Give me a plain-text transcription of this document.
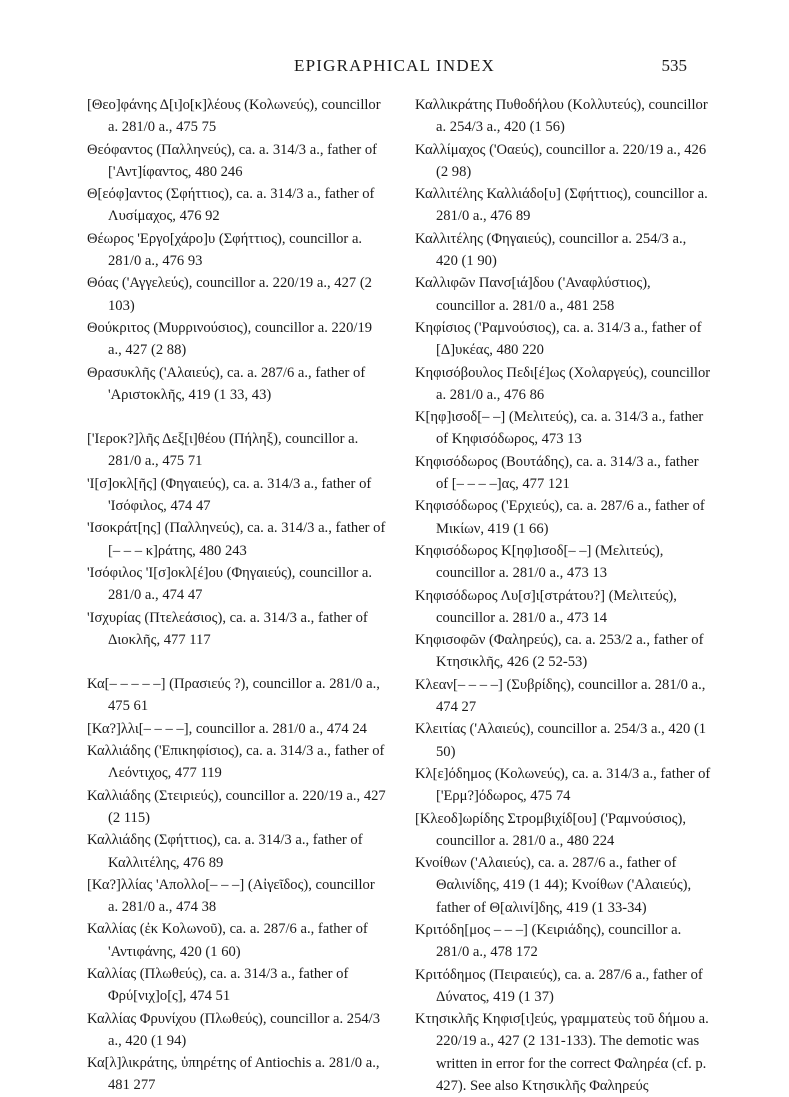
EPIGRAPHICAL INDEX	535

[Θεο]φάνης Δ[ι]ο[κ]λέους (Κολωνεύς), councillor a. 281/0 a., 475 75

Θεόφαντος (Παλληνεύς), ca. a. 314/3 a., father of ['Αντ]ίφαντος, 480 246

Θ[εόφ]αντος (Σφήττιος), ca. a. 314/3 a., father of Λυσίμαχος, 476 92

Θέωρος 'Εργο[χάρο]υ (Σφήττιος), councillor a. 281/0 a., 476 93

Θόας ('Αγγελεύς), councillor a. 220/19 a., 427 (2 103)

Θούκριτος (Μυρρινούσιος), councillor a. 220/19 a., 427 (2 88)

Θρασυκλῆς ('Αλαιεύς), ca. a. 287/6 a., father of 'Αριστοκλῆς, 419 (1 33, 43)

['Ιεροκ?]λῆς Δεξ[ι]θέου (Πήληξ), councillor a. 281/0 a., 475 71

'Ι[σ]οκλ[ῆς] (Φηγαιεύς), ca. a. 314/3 a., father of 'Ισόφιλος, 474 47

'Ισοκράτ[ης] (Παλληνεύς), ca. a. 314/3 a., father of [– – – κ]ράτης, 480 243

'Ισόφιλος 'Ι[σ]οκλ[έ]ου (Φηγαιεύς), councillor a. 281/0 a., 474 47

'Ισχυρίας (Πτελεάσιος), ca. a. 314/3 a., father of Διοκλῆς, 477 117

Κα[– – – – –] (Πρασιεύς ?), councillor a. 281/0 a., 475 61

[Κα?]λλι[– – – –], councillor a. 281/0 a., 474 24

Καλλιάδης ('Επικηφίσιος), ca. a. 314/3 a., father of Λεόντιχος, 477 119

Καλλιάδης (Στειριεύς), councillor a. 220/19 a., 427 (2 115)

Καλλιάδης (Σφήττιος), ca. a. 314/3 a., father of Καλλιτέλης, 476 89

[Κα?]λλίας 'Απολλο[– – –] (Αἰγεῖδος), councillor a. 281/0 a., 474 38

Καλλίας (ἐκ Κολωνοῦ), ca. a. 287/6 a., father of 'Αντιφάνης, 420 (1 60)

Καλλίας (Πλωθεύς), ca. a. 314/3 a., father of Φρύ[νιχ]ο[ς], 474 51

Καλλίας Φρυνίχου (Πλωθεύς), councillor a. 254/3 a., 420 (1 94)

Κα[λ]λικράτης, ὑπηρέτης of Antiochis a. 281/0 a., 481 277

Καλλικράτης Πυθοδήλου (Κολλυτεύς), councillor a. 254/3 a., 420 (1 56)

Καλλίμαχος ('Οαεύς), councillor a. 220/19 a., 426 (2 98)

Καλλιτέλης Καλλιάδο[υ] (Σφήττιος), councillor a. 281/0 a., 476 89

Καλλιτέλης (Φηγαιεύς), councillor a. 254/3 a., 420 (1 90)

Καλλιφῶν Πανσ[ιά]δου ('Αναφλύστιος), councillor a. 281/0 a., 481 258

Κηφίσιος ('Ραμνούσιος), ca. a. 314/3 a., father of [Δ]υκέας, 480 220

Κηφισόβουλος Πεδι[έ]ως (Χολαργεύς), councillor a. 281/0 a., 476 86

Κ[ηφ]ισοδ[– –] (Μελιτεύς), ca. a. 314/3 a., father of Κηφισόδωρος, 473 13

Κηφισόδωρος (Βουτάδης), ca. a. 314/3 a., father of [– – – –]ας, 477 121

Κηφισόδωρος ('Ερχιεύς), ca. a. 287/6 a., father of Μικίων, 419 (1 66)

Κηφισόδωρος Κ[ηφ]ισοδ[– –] (Μελιτεύς), councillor a. 281/0 a., 473 13

Κηφισόδωρος Λυ[σ]ι[στράτου?] (Μελιτεύς), councillor a. 281/0 a., 473 14

Κηφισοφῶν (Φαληρεύς), ca. a. 253/2 a., father of Κτησικλῆς, 426 (2 52-53)

Κλεαν[– – – –] (Συβρίδης), councillor a. 281/0 a., 474 27

Κλειτίας ('Αλαιεύς), councillor a. 254/3 a., 420 (1 50)

Κλ[ε]όδημος (Κολωνεύς), ca. a. 314/3 a., father of ['Ερμ?]όδωρος, 475 74

[Κλεοδ]ωρίδης Στρομβιχίδ[ου] ('Ραμνούσιος), councillor a. 281/0 a., 480 224

Κνοίθων ('Αλαιεύς), ca. a. 287/6 a., father of Θαλινίδης, 419 (1 44); Κνοίθων ('Αλαιεύς), father of Θ[αλινί]δης, 419 (1 33-34)

Κριτόδη[μος – – –] (Κειριάδης), councillor a. 281/0 a., 478 172

Κριτόδημος (Πειραιεύς), ca. a. 287/6 a., father of Δύνατος, 419 (1 37)

Κτησικλῆς Κηφισ[ι]εύς, γραμματεὺς τοῦ δήμου a. 220/19 a., 427 (2 131-133). The demotic was written in error for the correct Φαληρέα (cf. p. 427). See also Κτησικλῆς Φαληρεύς
